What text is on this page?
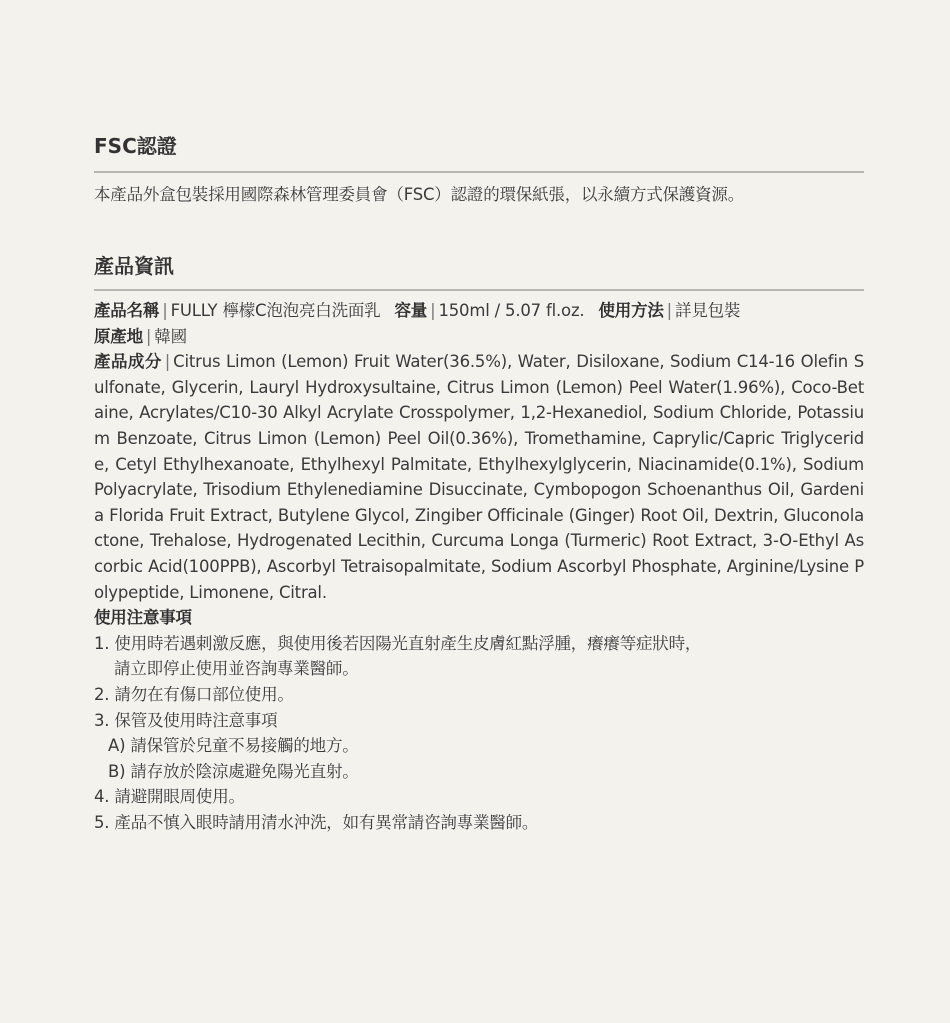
FSC認證
本產品外盒包裝採用國際森林管理委員會（FSC）認證的環保紙張，以永續方式保護資源。
產品資訊
產品名稱 | FULLY 檸檬C泡泡亮白洗面乳 容量 | 150ml / 5.07 fl.oz. 使用方法 | 詳見包裝
原產地 | 韓國
產品成分 | Citrus Limon (Lemon) Fruit Water(36.5%), Water, Disiloxane, Sodium C14-16 Olefin Sulfonate, Glycerin, Lauryl Hydroxysultaine, Citrus Limon (Lemon) Peel Water(1.96%), Coco-Betaine, Acrylates/C10-30 Alkyl Acrylate Crosspolymer, 1,2-Hexanediol, Sodium Chloride, Potassium Benzoate, Citrus Limon (Lemon) Peel Oil(0.36%), Tromethamine, Caprylic/Capric Triglyceride, Cetyl Ethylhexanoate, Ethylhexyl Palmitate, Ethylhexylglycerin, Niacinamide(0.1%), Sodium Polyacrylate, Trisodium Ethylenediamine Disuccinate, Cymbopogon Schoenanthus Oil, Gardenia Florida Fruit Extract, Butylene Glycol, Zingiber Officinale (Ginger) Root Oil, Dextrin, Gluconolactone, Trehalose, Hydrogenated Lecithin, Curcuma Longa (Turmeric) Root Extract, 3-O-Ethyl Ascorbic Acid(100PPB), Ascorbyl Tetraisopalmitate, Sodium Ascorbyl Phosphate, Arginine/Lysine Polypeptide, Limonene, Citral.
使用注意事項
1. 使用時若遇刺激反應，與使用後若因陽光直射產生皮膚紅點浮腫，癢癢等症狀時，
請立即停止使用並咨詢專業醫師。
2. 請勿在有傷口部位使用。
3. 保管及使用時注意事項
A) 請保管於兒童不易接觸的地方。
B) 請存放於陰涼處避免陽光直射。
4. 請避開眼周使用。
5. 產品不慎入眼時請用清水沖洗，如有異常請咨詢專業醫師。
